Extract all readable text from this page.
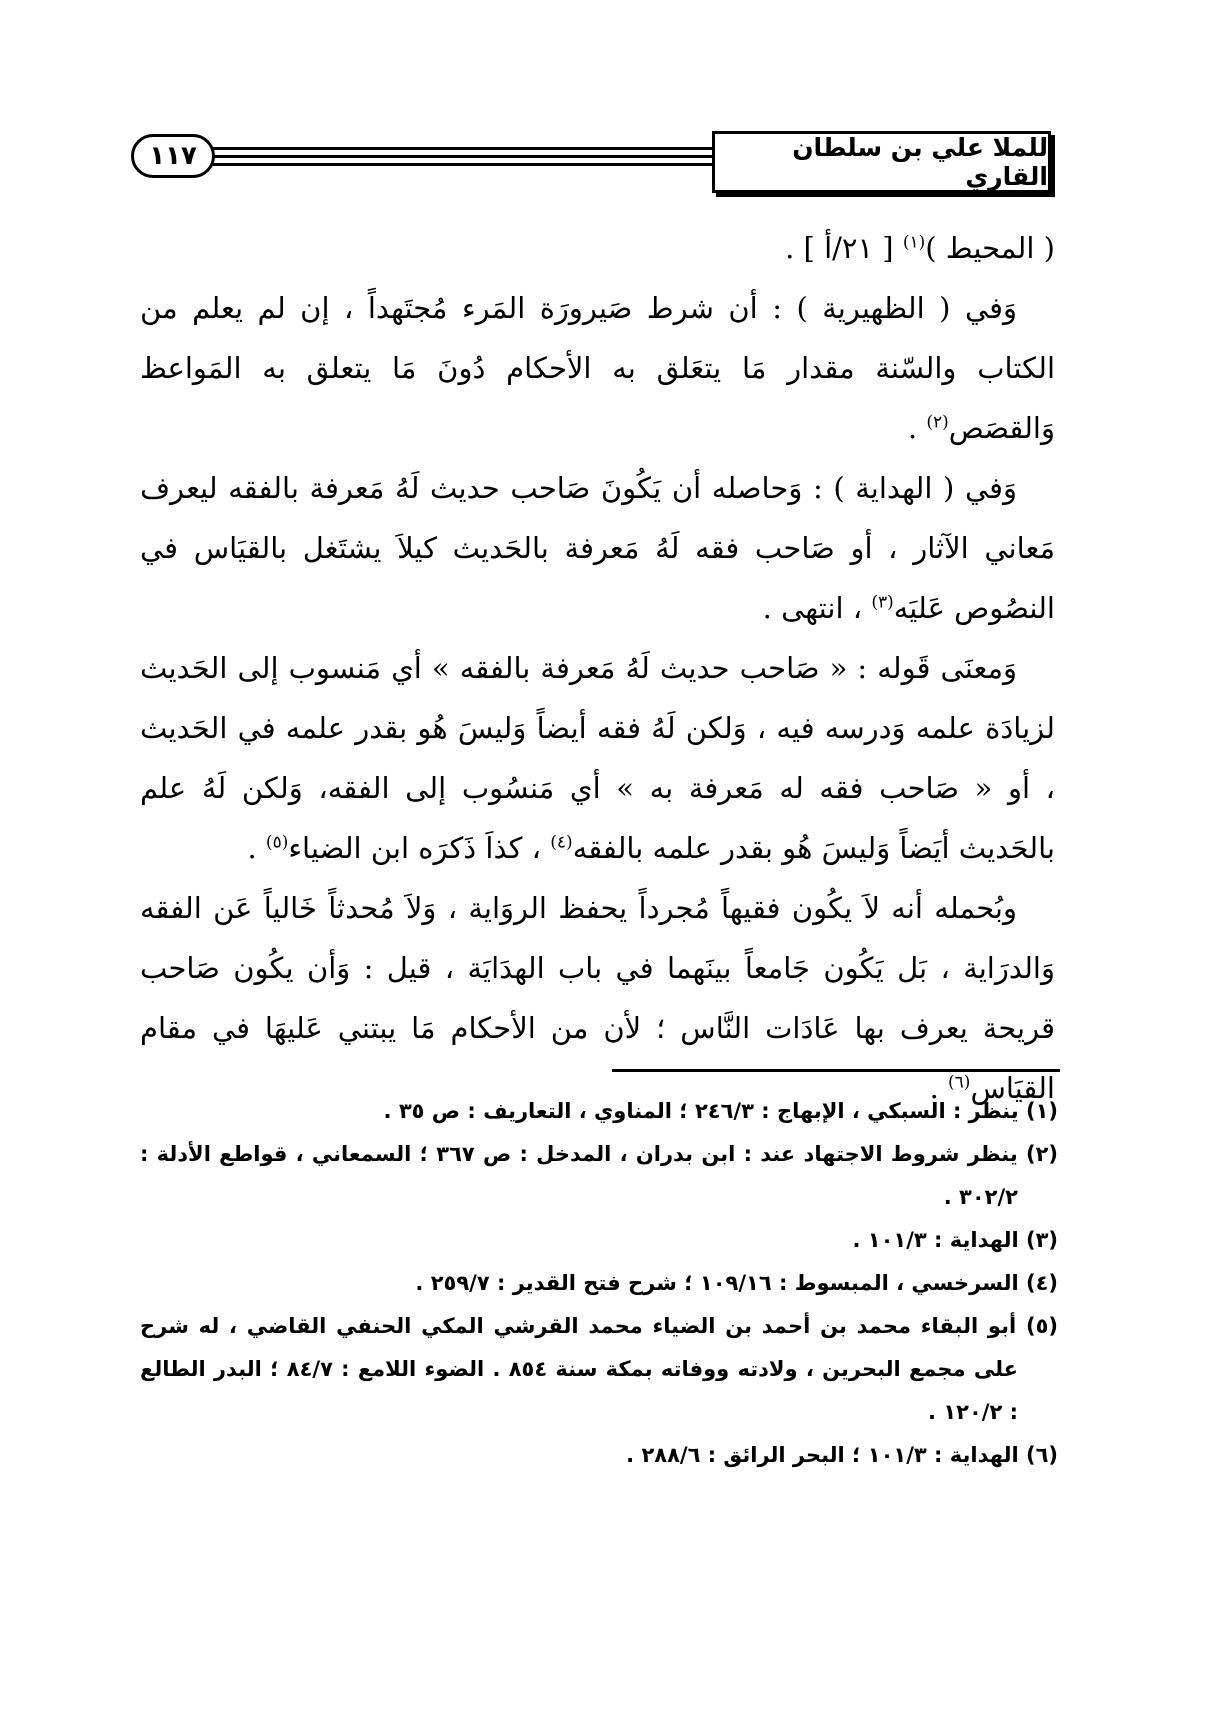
١١٧	للملا علي بن سلطان القاري

( المحيط )$^{(١)}$ [ ٢١/أ ] .

وَفي ( الظهيرية ) : أن شرط صَيرورَة المَرء مُجتَهداً ، إن لم يعلم من الكتاب والسّنة مقدار مَا يتعَلق به الأحكام دُونَ مَا يتعلق به المَواعظ وَالقصَص$^{(٢)}$ .

وَفي ( الهداية ) : وَحاصله أن يَكُونَ صَاحب حديث لَهُ مَعرفة بالفقه ليعرف مَعاني الآثار ، أو صَاحب فقه لَهُ مَعرفة بالحَديث كيلاَ يشتَغل بالقيَاس في النصُوص عَليَه$^{(٣)}$ ، انتهى .

وَمعنَى قَوله : « صَاحب حديث لَهُ مَعرفة بالفقه » أي مَنسوب إلى الحَديث لزيادَة علمه وَدرسه فيه ، وَلكن لَهُ فقه أيضاً وَليسَ هُو بقدر علمه في الحَديث ، أو « صَاحب فقه له مَعرفة به » أي مَنسُوب إلى الفقه، وَلكن لَهُ علم بالحَديث أيَضاً وَليسَ هُو بقدر علمه بالفقه$^{(٤)}$ ، كذاَ ذَكرَه ابن الضياء$^{(٥)}$ .

وبُحمله أنه لاَ يكُون فقيهاً مُجرداً يحفظ الروَاية ، وَلاَ مُحدثاً خَالياً عَن الفقه وَالدرَاية ، بَل يَكُون جَامعاً بينَهما في باب الهدَايَة ، قيل : وَأن يكُون صَاحب قريحة يعرف بها عَادَات النَّاس ؛ لأن من الأحكام مَا يبتني عَليهَا في مقام القيَاس$^{(٦)}$ .

(١) ينظر : السبكي ، الإبهاج : ٢٤٦/٣ ؛ المناوي ، التعاريف : ص ٣٥ .
(٢) ينظر شروط الاجتهاد عند : ابن بدران ، المدخل : ص ٣٦٧ ؛ السمعاني ، قواطع الأدلة : ٣٠٢/٢ .
(٣) الهداية : ١٠١/٣ .
(٤) السرخسي ، المبسوط : ١٠٩/١٦ ؛ شرح فتح القدير : ٢٥٩/٧ .
(٥) أبو البقاء محمد بن أحمد بن الضياء محمد القرشي المكي الحنفي القاضي ، له شرح على مجمع البحرين ، ولادته ووفاته بمكة سنة ٨٥٤ . الضوء اللامع : ٨٤/٧ ؛ البدر الطالع : ١٢٠/٢ .
(٦) الهداية : ١٠١/٣ ؛ البحر الرائق : ٢٨٨/٦ .
